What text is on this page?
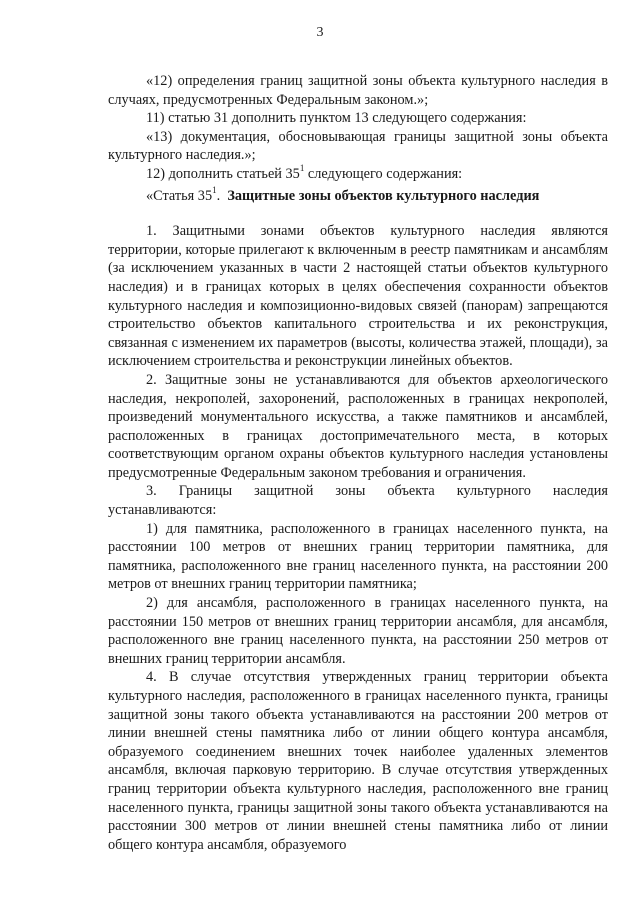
3

«12) определения границ защитной зоны объекта культурного наследия в случаях, предусмотренных Федеральным законом.»;

11) статью 31 дополнить пунктом 13 следующего содержания:

«13) документация, обосновывающая границы защитной зоны объекта культурного наследия.»;

12) дополнить статьей $35^1$ следующего содержания:

«Статья $35^1$. Защитные зоны объектов культурного наследия

1. Защитными зонами объектов культурного наследия являются территории, которые прилегают к включенным в реестр памятникам и ансамблям (за исключением указанных в части 2 настоящей статьи объектов культурного наследия) и в границах которых в целях обеспечения сохранности объектов культурного наследия и композиционно-видовых связей (панорам) запрещаются строительство объектов капитального строительства и их реконструкция, связанная с изменением их параметров (высоты, количества этажей, площади), за исключением строительства и реконструкции линейных объектов.

2. Защитные зоны не устанавливаются для объектов археологического наследия, некрополей, захоронений, расположенных в границах некрополей, произведений монументального искусства, а также памятников и ансамблей, расположенных в границах достопримечательного места, в которых соответствующим органом охраны объектов культурного наследия установлены предусмотренные Федеральным законом требования и ограничения.

3. Границы защитной зоны объекта культурного наследия устанавливаются:

1) для памятника, расположенного в границах населенного пункта, на расстоянии 100 метров от внешних границ территории памятника, для памятника, расположенного вне границ населенного пункта, на расстоянии 200 метров от внешних границ территории памятника;

2) для ансамбля, расположенного в границах населенного пункта, на расстоянии 150 метров от внешних границ территории ансамбля, для ансамбля, расположенного вне границ населенного пункта, на расстоянии 250 метров от внешних границ территории ансамбля.

4. В случае отсутствия утвержденных границ территории объекта культурного наследия, расположенного в границах населенного пункта, границы защитной зоны такого объекта устанавливаются на расстоянии 200 метров от линии внешней стены памятника либо от линии общего контура ансамбля, образуемого соединением внешних точек наиболее удаленных элементов ансамбля, включая парковую территорию. В случае отсутствия утвержденных границ территории объекта культурного наследия, расположенного вне границ населенного пункта, границы защитной зоны такого объекта устанавливаются на расстоянии 300 метров от линии внешней стены памятника либо от линии общего контура ансамбля, образуемого
